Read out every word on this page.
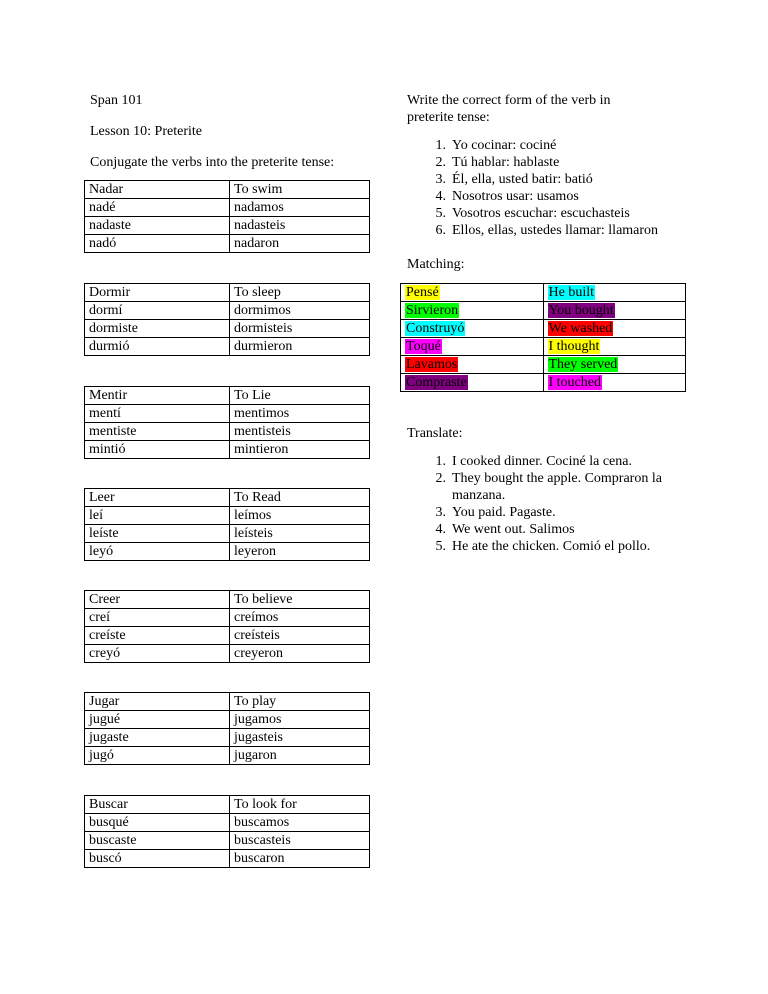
Span 101
Lesson 10: Preterite
Conjugate the verbs into the preterite tense:
Nadar	To swim
nadé	nadamos
nadaste	nadasteis
nadó	nadaron
Dormir	To sleep
dormí	dormimos
dormiste	dormisteis
durmió	durmieron
Mentir	To Lie
mentí	mentimos
mentiste	mentisteis
mintió	mintieron
Leer	To Read
leí	leímos
leíste	leísteis
leyó	leyeron
Creer	To believe
creí	creímos
creíste	creísteis
creyó	creyeron
Jugar	To play
jugué	jugamos
jugaste	jugasteis
jugó	jugaron
Buscar	To look for
busqué	buscamos
buscaste	buscasteis
buscó	buscaron
Write the correct form of the verb in
preterite tense:
1. Yo cocinar: cociné
2. Tú hablar: hablaste
3. Él, ella, usted batir: batió
4. Nosotros usar: usamos
5. Vosotros escuchar: escuchasteis
6. Ellos, ellas, ustedes llamar: llamaron
Matching:
Pensé	He built
Sirvieron	You bought
Construyó	We washed
Toqué	I thought
Lavamos	They served
Compraste	I touched
Translate:
1. I cooked dinner. Cociné la cena.
2. They bought the apple. Compraron la
manzana.
3. You paid. Pagaste.
4. We went out. Salimos
5. He ate the chicken. Comió el pollo.
